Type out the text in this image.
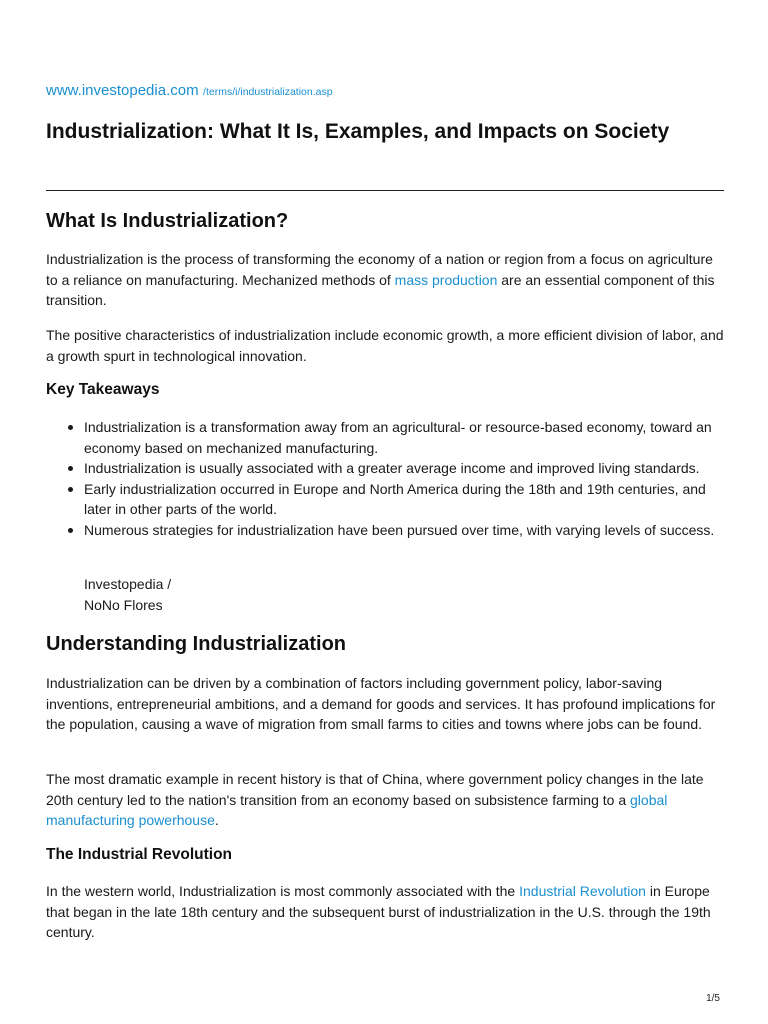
www.investopedia.com /terms/i/industrialization.asp
Industrialization: What It Is, Examples, and Impacts on Society
What Is Industrialization?

Industrialization is the process of transforming the economy of a nation or region from a focus on agriculture to a reliance on manufacturing. Mechanized methods of mass production are an essential component of this transition.

The positive characteristics of industrialization include economic growth, a more efficient division of labor, and a growth spurt in technological innovation.

Key Takeaways
Industrialization is a transformation away from an agricultural- or resource-based economy, toward an economy based on mechanized manufacturing.
Industrialization is usually associated with a greater average income and improved living standards.
Early industrialization occurred in Europe and North America during the 18th and 19th centuries, and later in other parts of the world.
Numerous strategies for industrialization have been pursued over time, with varying levels of success.
Investopedia /
NoNo Flores
Understanding Industrialization

Industrialization can be driven by a combination of factors including government policy, labor-saving inventions, entrepreneurial ambitions, and a demand for goods and services. It has profound implications for the population, causing a wave of migration from small farms to cities and towns where jobs can be found.

The most dramatic example in recent history is that of China, where government policy changes in the late 20th century led to the nation's transition from an economy based on subsistence farming to a global manufacturing powerhouse.

The Industrial Revolution

In the western world, Industrialization is most commonly associated with the Industrial Revolution in Europe that began in the late 18th century and the subsequent burst of industrialization in the U.S. through the 19th century.

1/5
